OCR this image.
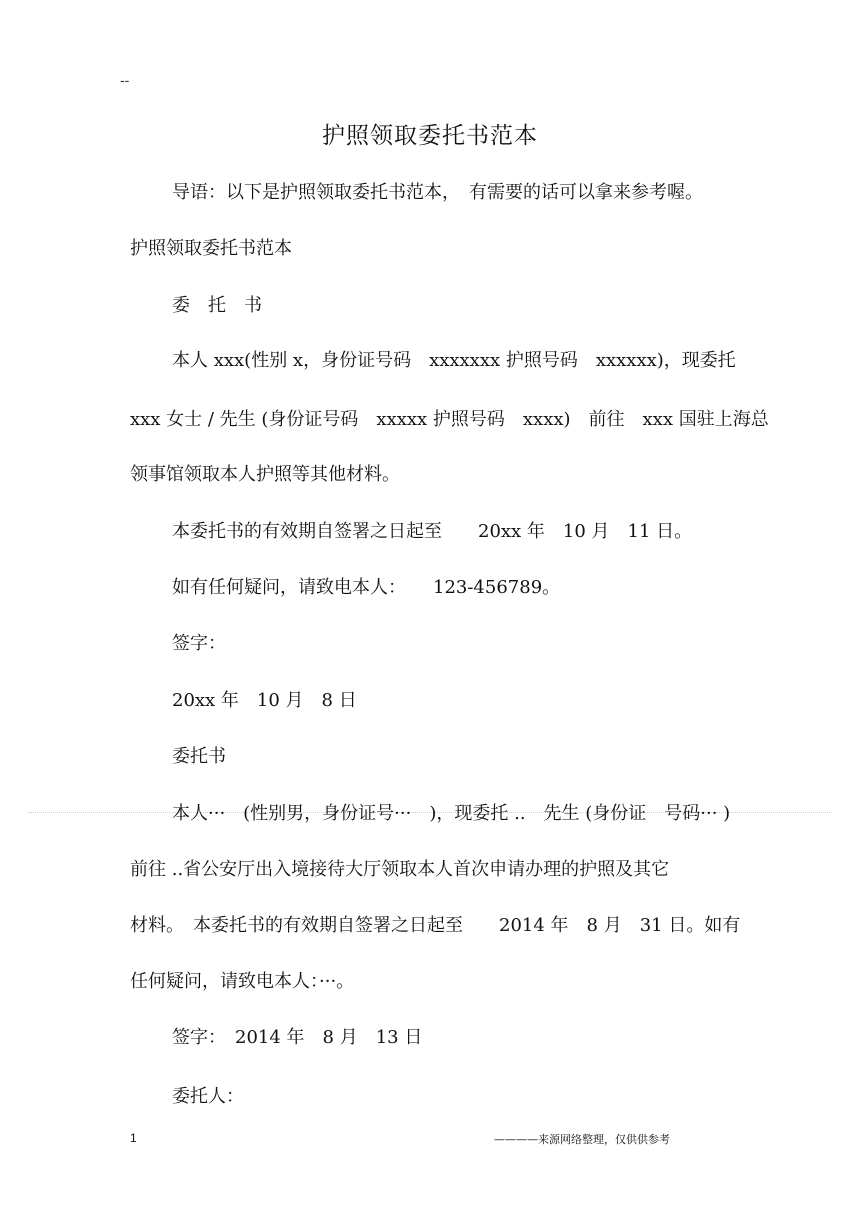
--
护照领取委托书范本
导语：以下是护照领取委托书范本，　有需要的话可以拿来参考喔。
护照领取委托书范本
委　托　书
本人 xxx(性别 x，身份证号码　xxxxxxx 护照号码　xxxxxx)，现委托
xxx 女士 / 先生 (身份证号码　xxxxx 护照号码　xxxx)　前往　xxx 国驻上海总
领事馆领取本人护照等其他材料。
本委托书的有效期自签署之日起至　　20xx 年　10 月　11 日。
如有任何疑问，请致电本人：　　123-456789。
签字：
20xx 年　10 月　8 日
委托书
本人···　(性别男，身份证号···　)，现委托 ..　先生 (身份证　号码··· )
前往 ..省公安厅出入境接待大厅领取本人首次申请办理的护照及其它
材料。　本委托书的有效期自签署之日起至　　2014 年　8 月　31 日。如有
任何疑问，请致电本人：···。
签字：　2014 年　8 月　13 日
委托人：
1	————来源网络整理，仅供供参考
